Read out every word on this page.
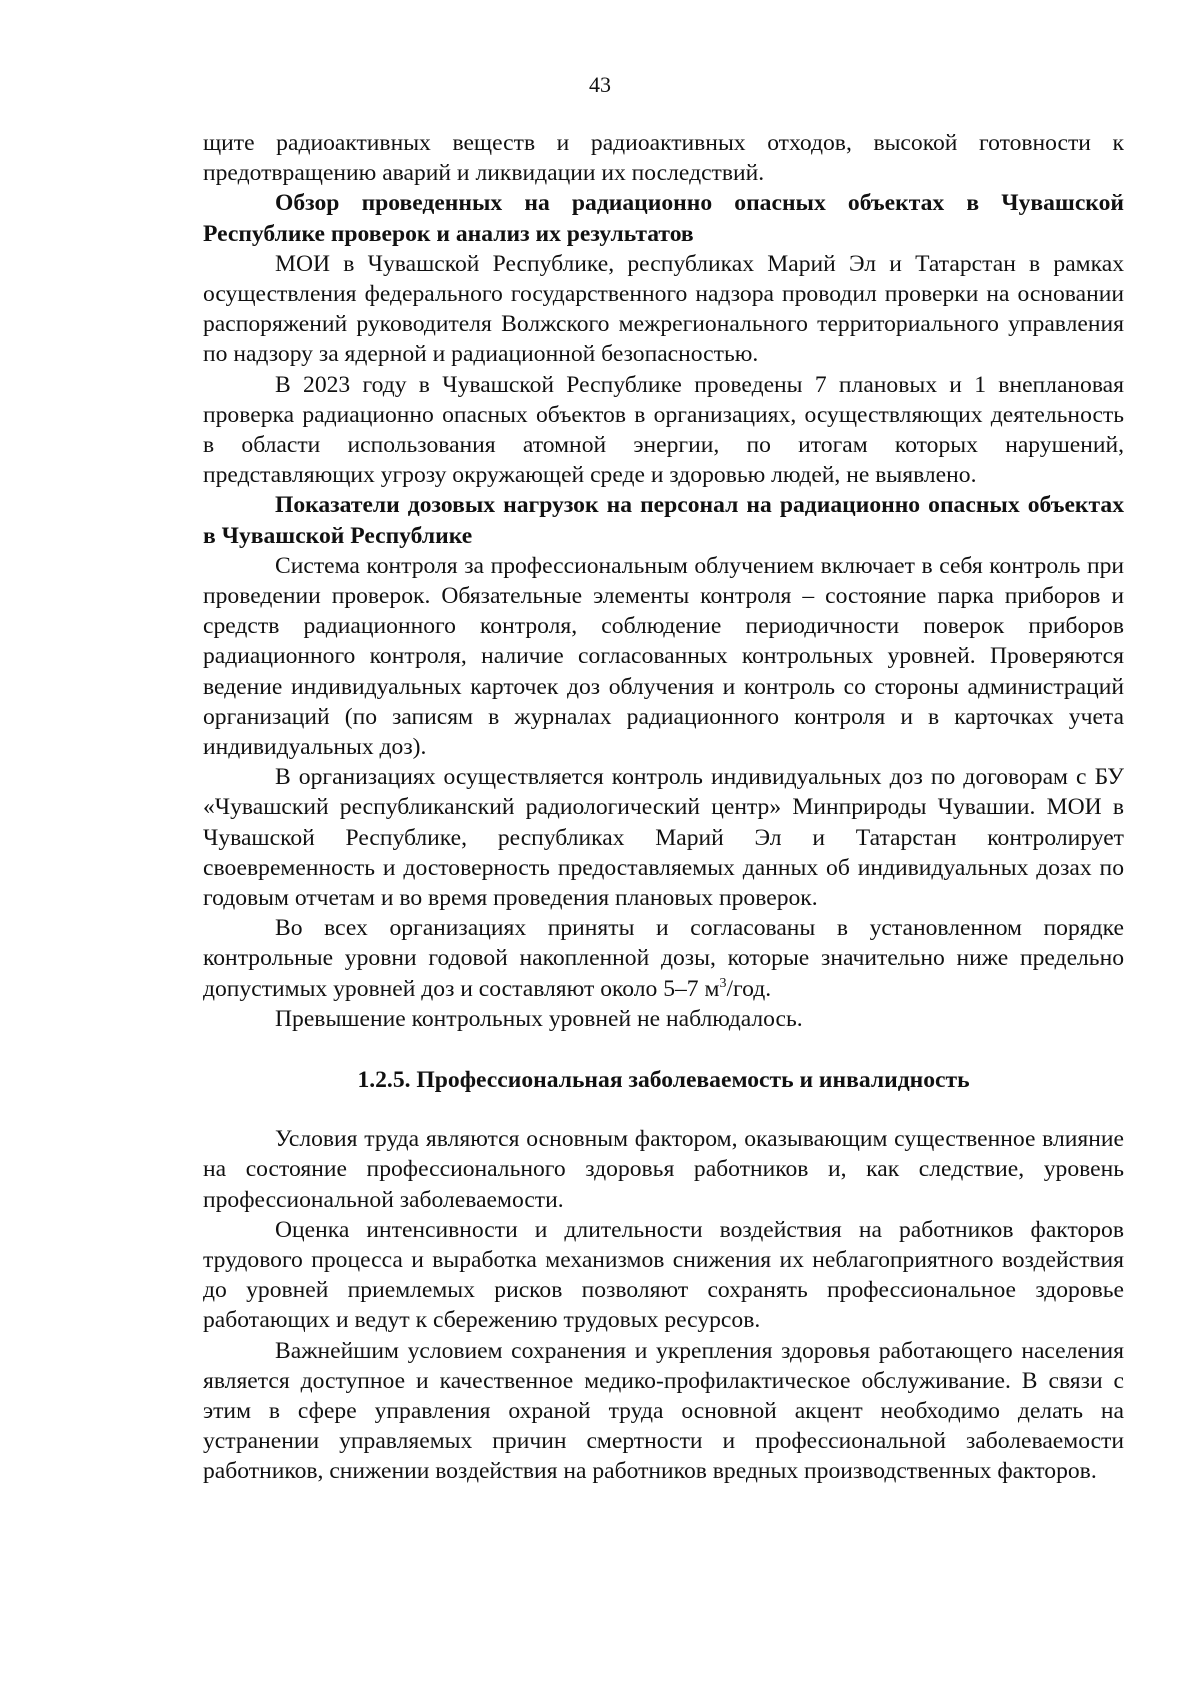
43

щите радиоактивных веществ и радиоактивных отходов, высокой готовности к предотвращению аварий и ликвидации их последствий.

Обзор проведенных на радиационно опасных объектах в Чувашской Республике проверок и анализ их результатов

МОИ в Чувашской Республике, республиках Марий Эл и Татарстан в рамках осуществления федерального государственного надзора проводил проверки на основании распоряжений руководителя Волжского межрегионального территориального управления по надзору за ядерной и радиационной безопасностью.

В 2023 году в Чувашской Республике проведены 7 плановых и 1 внеплановая проверка радиационно опасных объектов в организациях, осуществляющих деятельность в области использования атомной энергии, по итогам которых нарушений, представляющих угрозу окружающей среде и здоровью людей, не выявлено.

Показатели дозовых нагрузок на персонал на радиационно опасных объектах в Чувашской Республике

Система контроля за профессиональным облучением включает в себя контроль при проведении проверок. Обязательные элементы контроля – состояние парка приборов и средств радиационного контроля, соблюдение периодичности поверок приборов радиационного контроля, наличие согласованных контрольных уровней. Проверяются ведение индивидуальных карточек доз облучения и контроль со стороны администраций организаций (по записям в журналах радиационного контроля и в карточках учета индивидуальных доз).

В организациях осуществляется контроль индивидуальных доз по договорам с БУ «Чувашский республиканский радиологический центр» Минприроды Чувашии. МОИ в Чувашской Республике, республиках Марий Эл и Татарстан контролирует своевременность и достоверность предоставляемых данных об индивидуальных дозах по годовым отчетам и во время проведения плановых проверок.

Во всех организациях приняты и согласованы в установленном порядке контрольные уровни годовой накопленной дозы, которые значительно ниже предельно допустимых уровней доз и составляют около 5–7 $м^3$/год.

Превышение контрольных уровней не наблюдалось.

1.2.5. Профессиональная заболеваемость и инвалидность

Условия труда являются основным фактором, оказывающим существенное влияние на состояние профессионального здоровья работников и, как следствие, уровень профессиональной заболеваемости.

Оценка интенсивности и длительности воздействия на работников факторов трудового процесса и выработка механизмов снижения их неблагоприятного воздействия до уровней приемлемых рисков позволяют сохранять профессиональное здоровье работающих и ведут к сбережению трудовых ресурсов.

Важнейшим условием сохранения и укрепления здоровья работающего населения является доступное и качественное медико-профилактическое обслуживание. В связи с этим в сфере управления охраной труда основной акцент необходимо делать на устранении управляемых причин смертности и профессиональной заболеваемости работников, снижении воздействия на работников вредных производственных факторов.
